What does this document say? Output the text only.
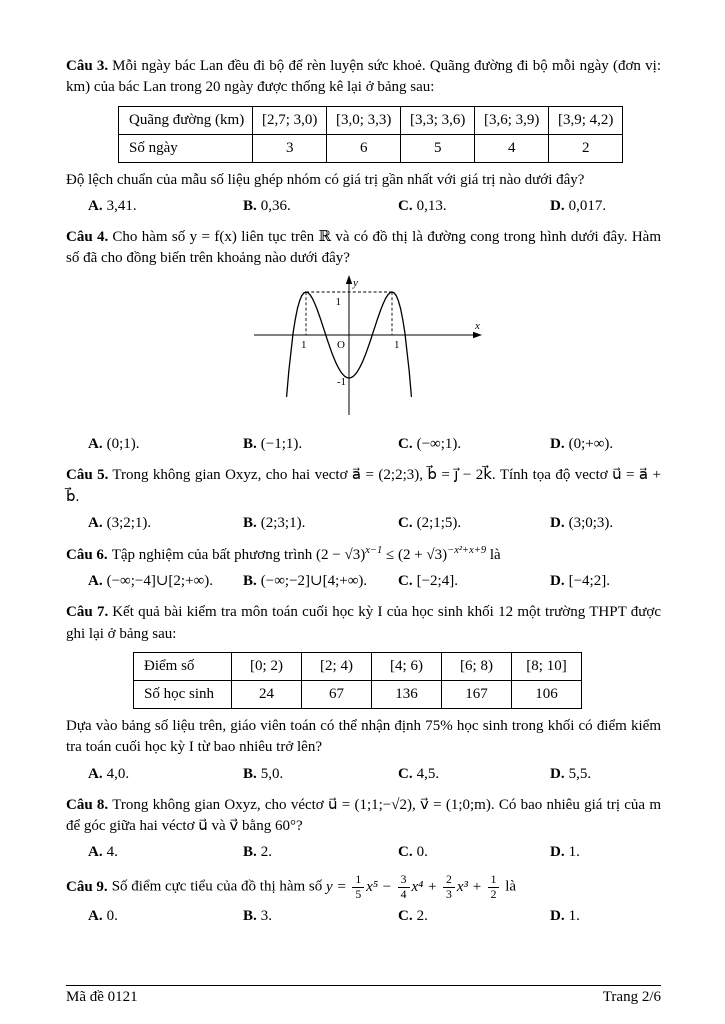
Câu 3. Mỗi ngày bác Lan đều đi bộ để rèn luyện sức khoẻ. Quãng đường đi bộ mỗi ngày (đơn vị: km) của bác Lan trong 20 ngày được thống kê lại ở bảng sau:

Quãng đường (km)	[2,7; 3,0)	[3,0; 3,3)	[3,3; 3,6)	[3,6; 3,9)	[3,9; 4,2)
Số ngày	3	6	5	4	2

Độ lệch chuẩn của mẫu số liệu ghép nhóm có giá trị gần nhất với giá trị nào dưới đây?

A. 3,41.	B. 0,36.	C. 0,13.	D. 0,017.

Câu 4. Cho hàm số y = f(x) liên tục trên ℝ và có đồ thị là đường cong trong hình dưới đây. Hàm số đã cho đồng biến trên khoảng nào dưới đây?

y
x
O
1	1
1
-1
A. (0;1).	B. (−1;1).	C. (−∞;1).	D. (0;+∞).

Câu 5. Trong không gian Oxyz, cho hai vectơ a⃗ = (2;2;3), b⃗ = j⃗ − 2k⃗. Tính tọa độ vectơ u⃗ = a⃗ + b⃗.

A. (3;2;1).	B. (2;3;1).	C. (2;1;5).	D. (3;0;3).

Câu 6. Tập nghiệm của bất phương trình $(2 - √3)^{x-1} \le (2 + √3)^{-x^2+x+9}$ là

A. (−∞;−4]∪[2;+∞).	B. (−∞;−2]∪[4;+∞).	C. [−2;4].	D. [−4;2].

Câu 7. Kết quả bài kiểm tra môn toán cuối học kỳ I của học sinh khối 12 một trường THPT được ghi lại ở bảng sau:

Điểm số	[0; 2)	[2; 4)	[4; 6)	[6; 8)	[8; 10]
Số học sinh	24	67	136	167	106

Dựa vào bảng số liệu trên, giáo viên toán có thể nhận định 75% học sinh trong khối có điểm kiểm tra toán cuối học kỳ I từ bao nhiêu trở lên?

A. 4,0.	B. 5,0.	C. 4,5.	D. 5,5.

Câu 8. Trong không gian Oxyz, cho véctơ u⃗ = (1;1;−√2), v⃗ = (1;0;m). Có bao nhiêu giá trị của m để góc giữa hai véctơ u⃗ và v⃗ bằng 60°?

A. 4.	B. 2.	C. 0.	D. 1.

Câu 9. Số điểm cực tiểu của đồ thị hàm số $y = \frac{1}{5} x^5 - \frac{3}{4} x^4 + \frac{2}{3} x^3 + \frac{1}{2}$ là

A. 0.	B. 3.	C. 2.	D. 1.
Mã đề 0121	Trang 2/6
